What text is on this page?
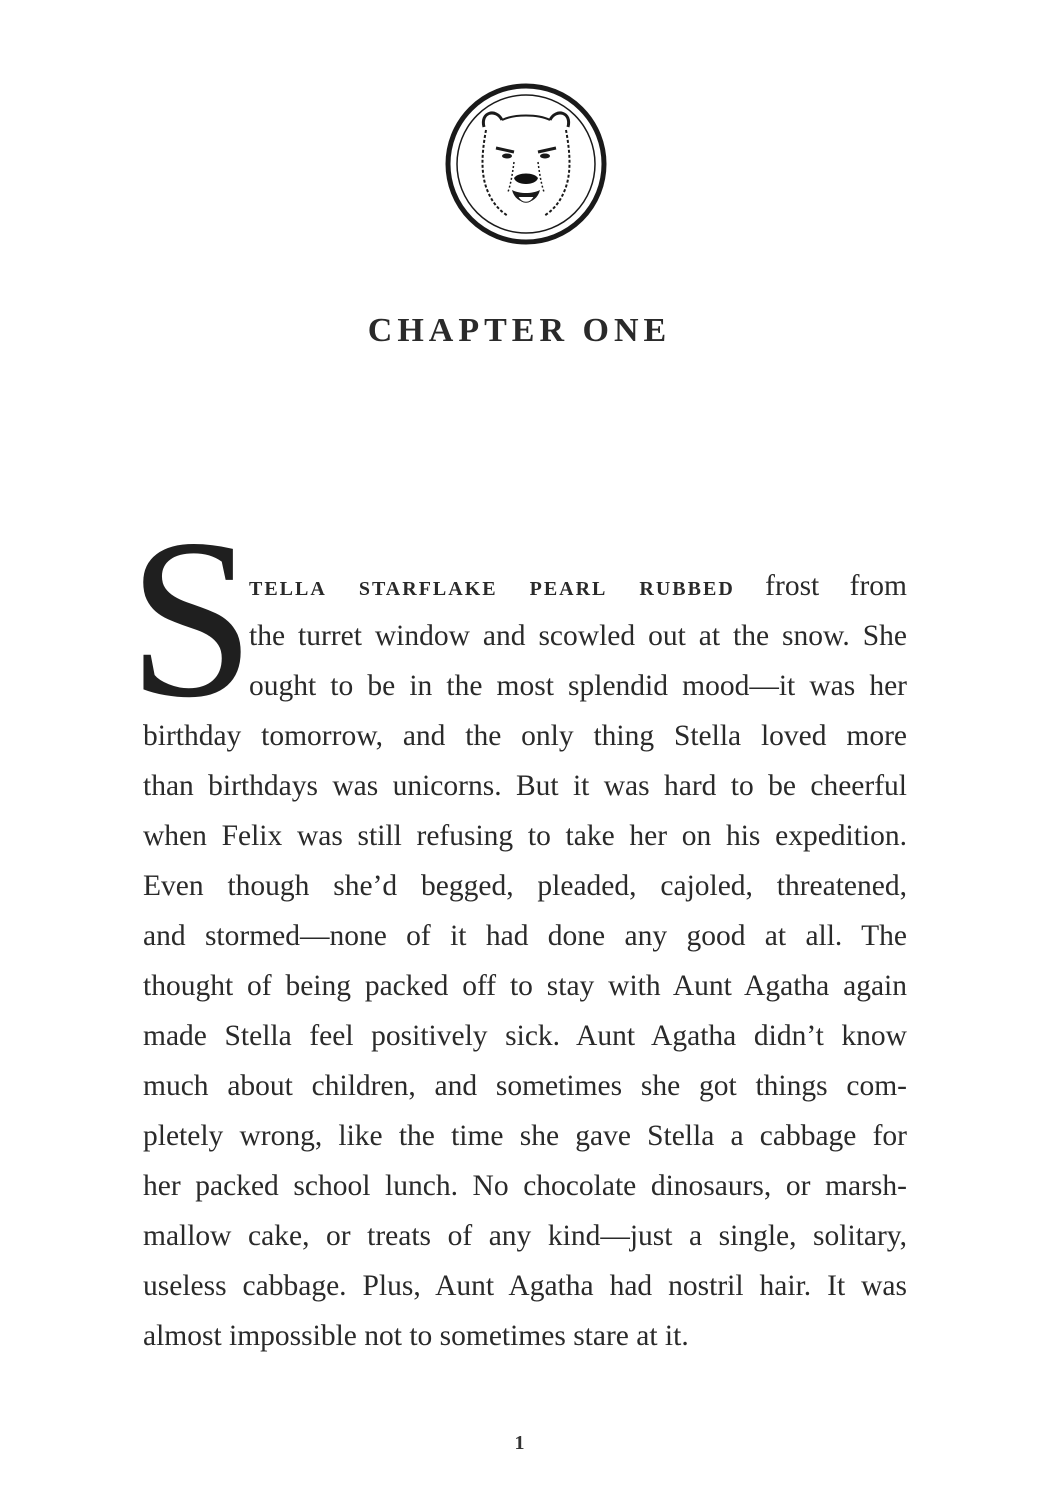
CHAPTER ONE
S
tella starflake pearl rubbed frost from
the turret window and scowled out at the snow. She
ought to be in the most splendid mood—it was her
birthday tomorrow, and the only thing Stella loved more
than birthdays was unicorns. But it was hard to be cheerful
when Felix was still refusing to take her on his expedition.
Even though she’d begged, pleaded, cajoled, threatened,
and stormed—none of it had done any good at all. The
thought of being packed off to stay with Aunt Agatha again
made Stella feel positively sick. Aunt Agatha didn’t know
much about children, and sometimes she got things com-
pletely wrong, like the time she gave Stella a cabbage for
her packed school lunch. No chocolate dinosaurs, or marsh-
mallow cake, or treats of any kind—just a single, solitary,
useless cabbage. Plus, Aunt Agatha had nostril hair. It was
almost impossible not to sometimes stare at it.
1
